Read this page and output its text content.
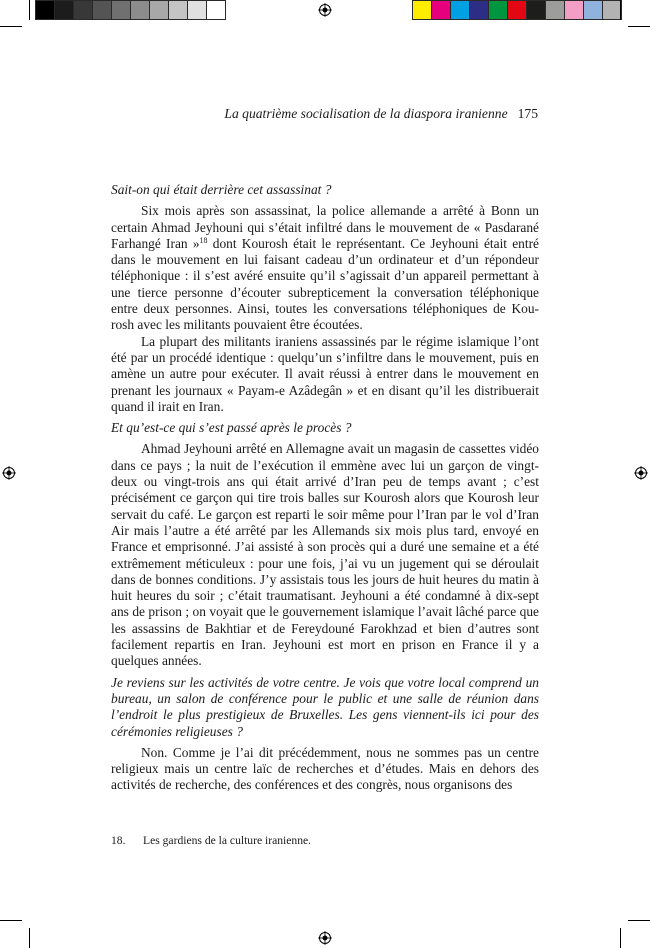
La quatrième socialisation de la diaspora iranienne 175

Sait-on qui était derrière cet assassinat ?

Six mois après son assassinat, la police allemande a arrêté à Bonn un certain Ahmad Jeyhouni qui s’était infiltré dans le mouvement de « Pasdarané Farhangé Iran »$^{18}$ dont Kourosh était le représentant. Ce Jeyhouni était entré dans le mouvement en lui faisant cadeau d’un ordinateur et d’un répondeur téléphonique : il s’est avéré ensuite qu’il s’agissait d’un appareil permettant à une tierce personne d’écouter subrepticement la conversation téléphonique entre deux personnes. Ainsi, toutes les conversations téléphoniques de Kou-rosh avec les militants pouvaient être écoutées.

La plupart des militants iraniens assassinés par le régime islamique l’ont été par un procédé identique : quelqu’un s’infiltre dans le mouvement, puis en amène un autre pour exécuter. Il avait réussi à entrer dans le mouvement en prenant les journaux « Payam-e Azâdegân » et en disant qu’il les distribuerait quand il irait en Iran.

Et qu’est-ce qui s’est passé après le procès ?

Ahmad Jeyhouni arrêté en Allemagne avait un magasin de cassettes vidéo dans ce pays ; la nuit de l’exécution il emmène avec lui un garçon de vingt-deux ou vingt-trois ans qui était arrivé d’Iran peu de temps avant ; c’est précisément ce garçon qui tire trois balles sur Kourosh alors que Kourosh leur servait du café. Le garçon est reparti le soir même pour l’Iran par le vol d’Iran Air mais l’autre a été arrêté par les Allemands six mois plus tard, envoyé en France et emprisonné. J’ai assisté à son procès qui a duré une semaine et a été extrêmement méticuleux : pour une fois, j’ai vu un jugement qui se déroulait dans de bonnes conditions. J’y assistais tous les jours de huit heures du matin à huit heures du soir ; c’était traumatisant. Jeyhouni a été condamné à dix-sept ans de prison ; on voyait que le gouvernement islamique l’avait lâché parce que les assassins de Bakhtiar et de Fereydouné Farokhzad et bien d’autres sont facilement repartis en Iran. Jeyhouni est mort en prison en France il y a quelques années.

Je reviens sur les activités de votre centre. Je vois que votre local comprend un bureau, un salon de conférence pour le public et une salle de réunion dans l’endroit le plus prestigieux de Bruxelles. Les gens viennent-ils ici pour des cérémonies religieuses ?

Non. Comme je l’ai dit précédemment, nous ne sommes pas un centre religieux mais un centre laïc de recherches et d’études. Mais en dehors des activités de recherche, des conférences et des congrès, nous organisons des

18. Les gardiens de la culture iranienne.
